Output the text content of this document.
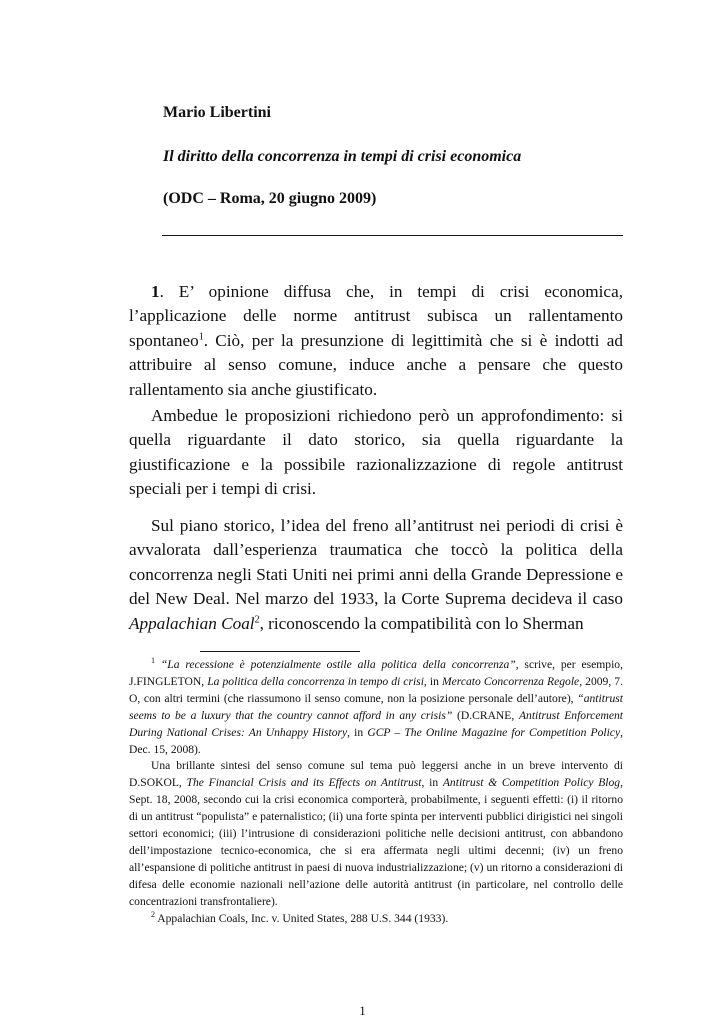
Mario Libertini
Il diritto della concorrenza in tempi di crisi economica
(ODC – Roma, 20 giugno 2009)

1. E’ opinione diffusa che, in tempi di crisi economica, l’applicazione delle norme antitrust subisca un rallentamento spontaneo$^1$. Ciò, per la presunzione di legittimità che si è indotti ad attribuire al senso comune, induce anche a pensare che questo rallentamento sia anche giustificato.

Ambedue le proposizioni richiedono però un approfondimento: si quella riguardante il dato storico, sia quella riguardante la giustificazione e la possibile razionalizzazione di regole antitrust speciali per i tempi di crisi.

Sul piano storico, l’idea del freno all’antitrust nei periodi di crisi è avvalorata dall’esperienza traumatica che toccò la politica della concorrenza negli Stati Uniti nei primi anni della Grande Depressione e del New Deal. Nel marzo del 1933, la Corte Suprema decideva il caso Appalachian Coal$^2$, riconoscendo la compatibilità con lo Sherman

$^1$ “La recessione è potenzialmente ostile alla politica della concorrenza”, scrive, per esempio, J.FINGLETON, La politica della concorrenza in tempo di crisi, in Mercato Concorrenza Regole, 2009, 7. O, con altri termini (che riassumono il senso comune, non la posizione personale dell’autore), “antitrust seems to be a luxury that the country cannot afford in any crisis” (D.CRANE, Antitrust Enforcement During National Crises: An Unhappy History, in GCP – The Online Magazine for Competition Policy, Dec. 15, 2008).

Una brillante sintesi del senso comune sul tema può leggersi anche in un breve intervento di D.SOKOL, The Financial Crisis and its Effects on Antitrust, in Antitrust & Competition Policy Blog, Sept. 18, 2008, secondo cui la crisi economica comporterà, probabilmente, i seguenti effetti: (i) il ritorno di un antitrust “populista” e paternalistico; (ii) una forte spinta per interventi pubblici dirigistici nei singoli settori economici; (iii) l’intrusione di considerazioni politiche nelle decisioni antitrust, con abbandono dell’impostazione tecnico-economica, che si era affermata negli ultimi decenni; (iv) un freno all’espansione di politiche antitrust in paesi di nuova industrializzazione; (v) un ritorno a considerazioni di difesa delle economie nazionali nell’azione delle autorità antitrust (in particolare, nel controllo delle concentrazioni transfrontaliere).

$^2$ Appalachian Coals, Inc. v. United States, 288 U.S. 344 (1933).

1
